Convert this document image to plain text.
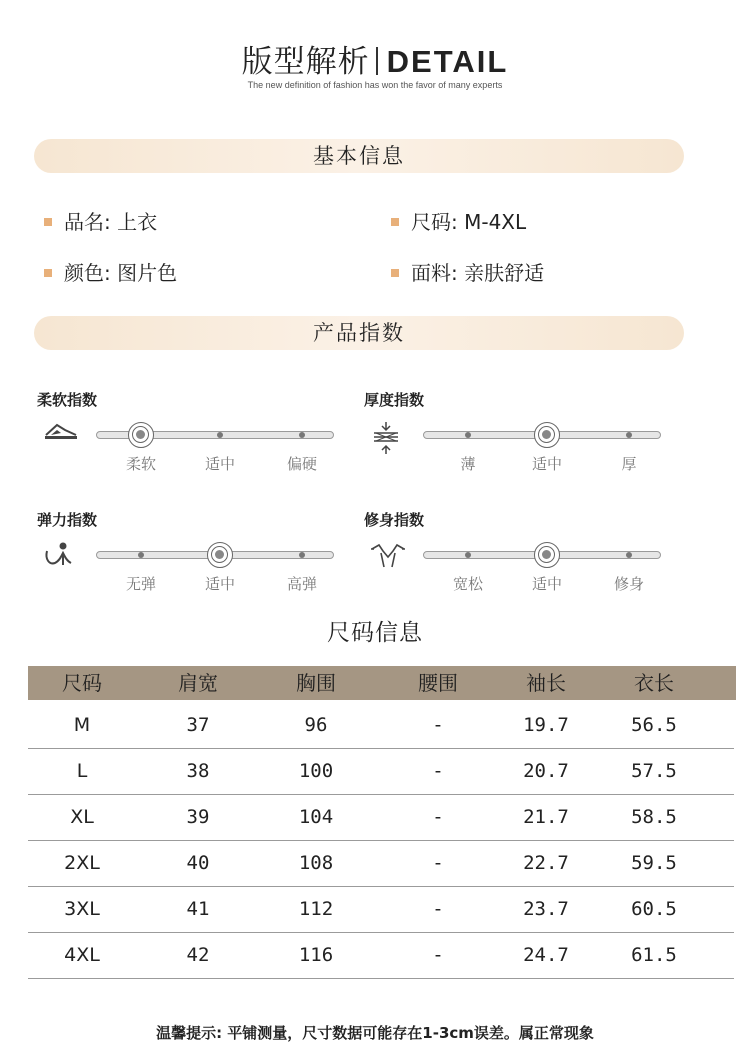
版型解析 DETAIL
The new definition of fashion has won the favor of many experts
基本信息
品名: 上衣	尺码: M-4XL
颜色: 图片色	面料: 亲肤舒适
产品指数
柔软指数
柔软	适中	偏硬
厚度指数
薄	适中	厚
弹力指数
无弹	适中	高弹
修身指数
宽松	适中	修身
尺码信息
尺码	肩宽	胸围	腰围	袖长	衣长
M	37	96	-	19.7	56.5
L	38	100	-	20.7	57.5
XL	39	104	-	21.7	58.5
2XL	40	108	-	22.7	59.5
3XL	41	112	-	23.7	60.5
4XL	42	116	-	24.7	61.5
温馨提示: 平铺测量，尺寸数据可能存在1-3cm误差。属正常现象
